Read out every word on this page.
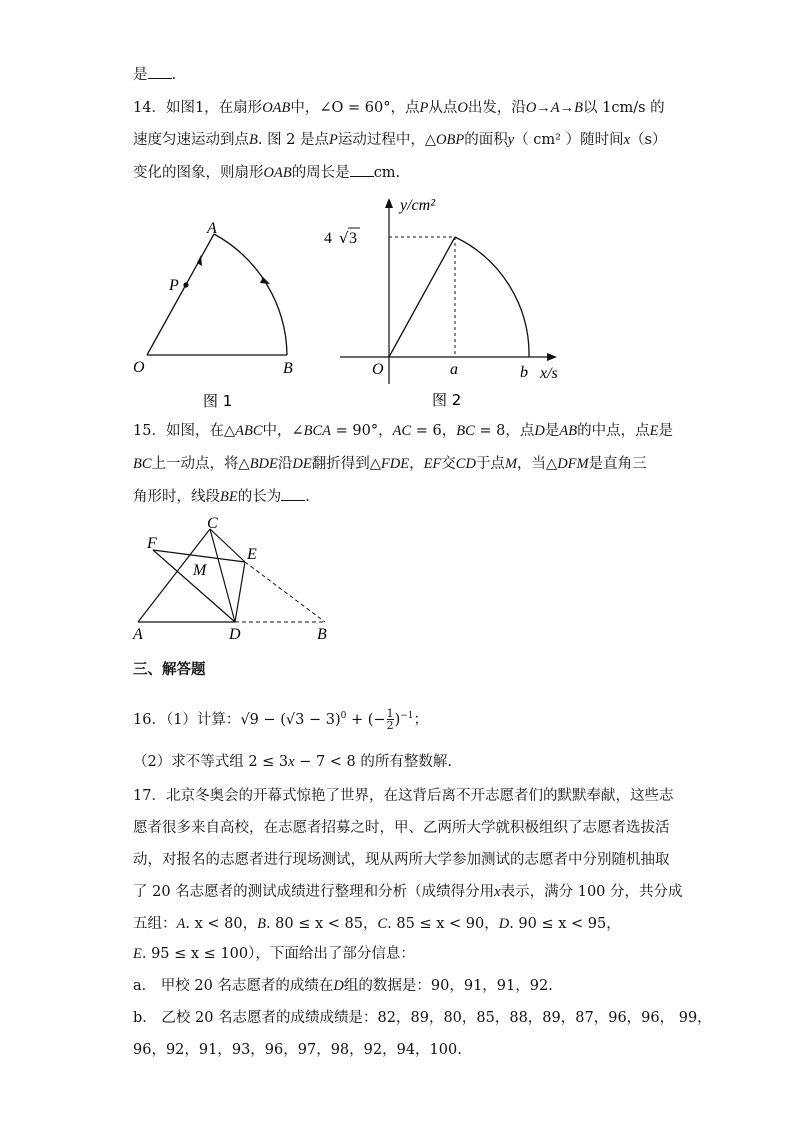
是 .
14．如图1，在扇形OAB中，∠O = 60°，点P从点O出发，沿O→A→B以 1cm/s 的
速度匀速运动到点B. 图 2 是点P运动过程中，△OBP的面积y（ cm² ）随时间x（s）
变化的图象，则扇形OAB的周长是 cm.
A
P
O	B
图 1
y/cm²
4 √ 3
O	a	b x/s
图 2
15．如图，在△ABC中，∠BCA = 90°，AC = 6，BC = 8，点D是AB的中点，点E是
BC上一动点，将△BDE沿DE翻折得到△FDE，EF交CD于点M，当△DFM是直角三
角形时，线段BE的长为 .
C
F
E
M
A	D	B
三、解答题
16．（1）计算：$√9 - (√3 - 3)^0$ + (− $\frac{1}{2} )^{-1}$；
（2）求不等式组 2 ≤ 3x − 7 < 8 的所有整数解.
17．北京冬奥会的开幕式惊艳了世界，在这背后离不开志愿者们的默默奉献，这些志
愿者很多来自高校，在志愿者招募之时，甲、乙两所大学就积极组织了志愿者选拔活
动，对报名的志愿者进行现场测试，现从两所大学参加测试的志愿者中分别随机抽取
了 20 名志愿者的测试成绩进行整理和分析（成绩得分用x表示，满分 100 分，共分成
五组：A. x < 80，B. 80 ≤ x < 85，C. 85 ≤ x < 90，D. 90 ≤ x < 95，
E. 95 ≤ x ≤ 100），下面给出了部分信息：
a． 甲校 20 名志愿者的成绩在D组的数据是：90，91，91，92.
b． 乙校 20 名志愿者的成绩成绩是：82，89，80，85，88，89，87，96，96， 99，
96，92，91，93，96，97，98，92，94，100.
